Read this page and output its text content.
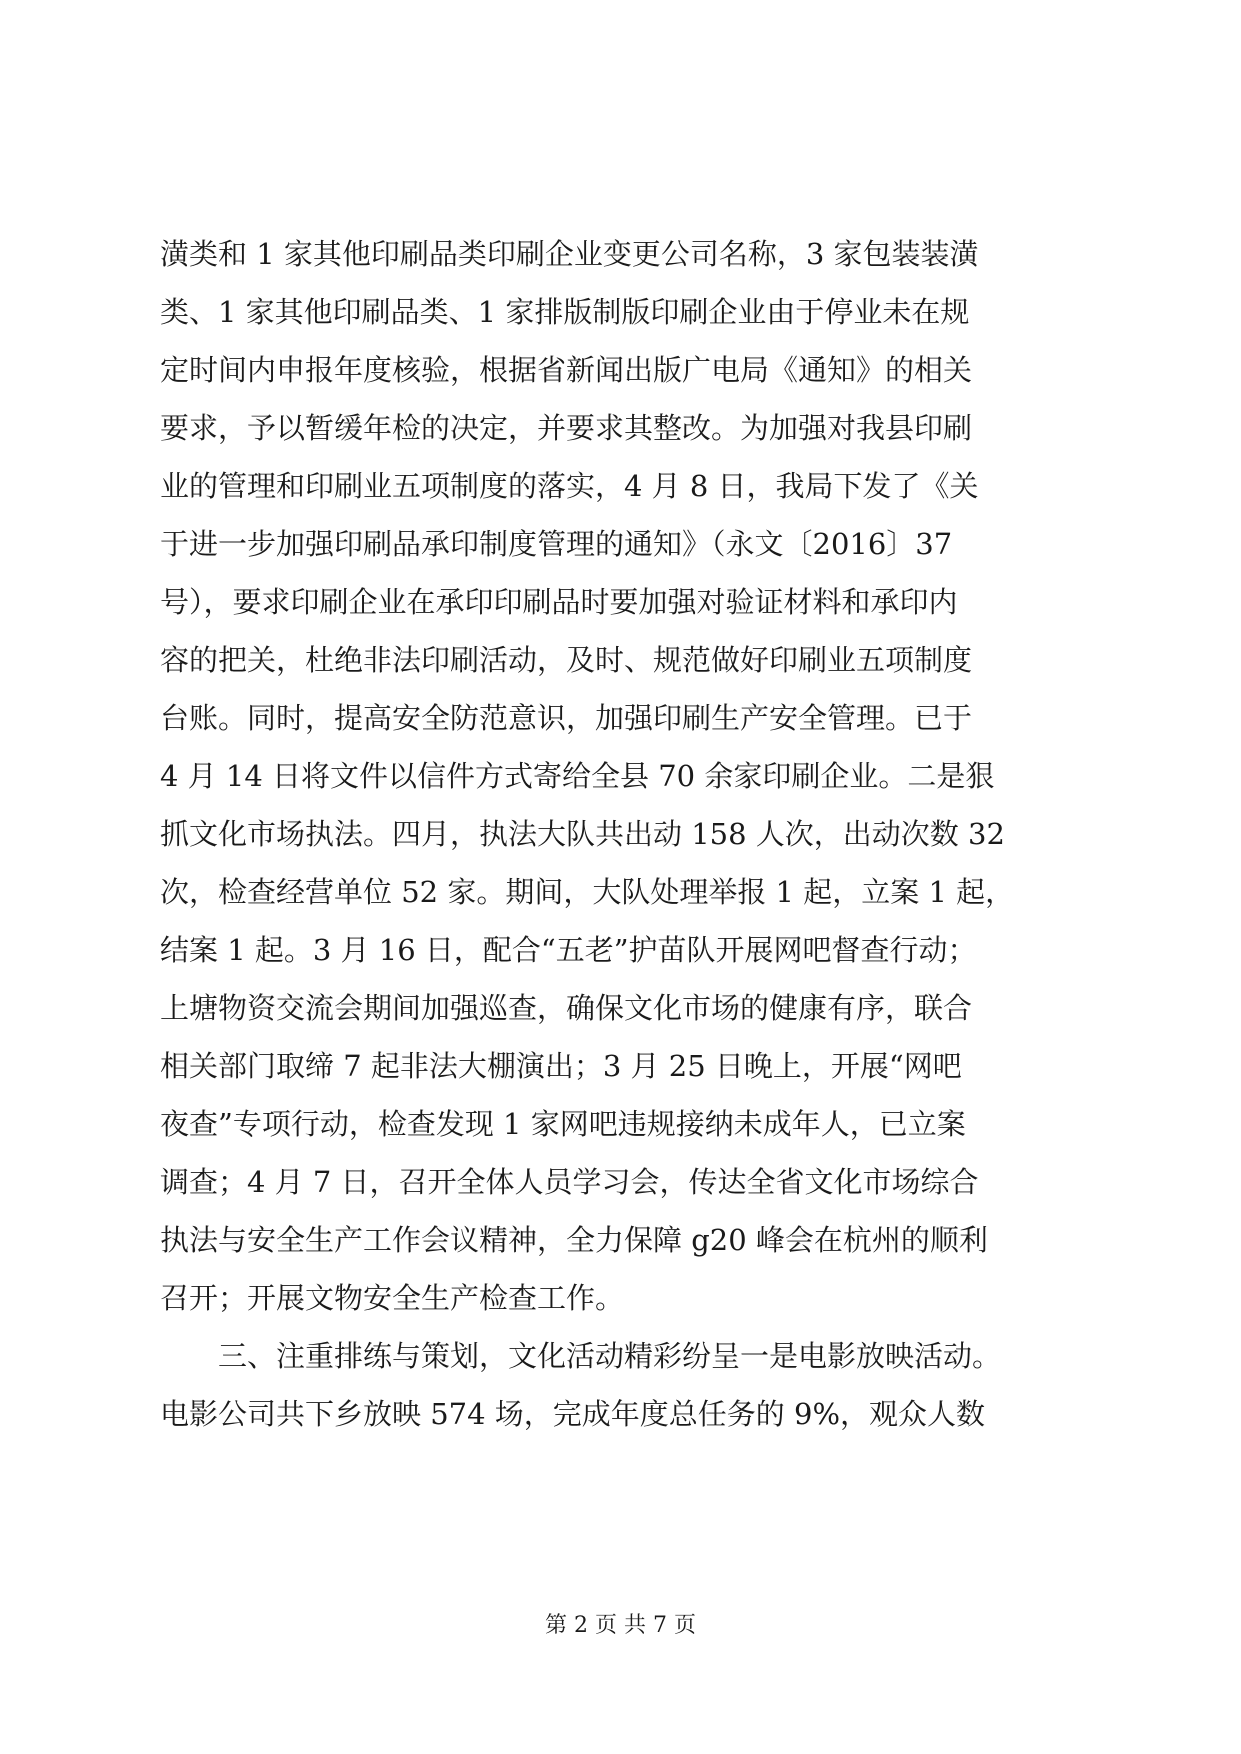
潢类和 1 家其他印刷品类印刷企业变更公司名称，3 家包装装潢
类、1 家其他印刷品类、1 家排版制版印刷企业由于停业未在规
定时间内申报年度核验，根据省新闻出版广电局《通知》的相关
要求，予以暂缓年检的决定，并要求其整改。为加强对我县印刷
业的管理和印刷业五项制度的落实，4 月 8 日，我局下发了《关
于进一步加强印刷品承印制度管理的通知》（永文〔2016〕37
号），要求印刷企业在承印印刷品时要加强对验证材料和承印内
容的把关，杜绝非法印刷活动，及时、规范做好印刷业五项制度
台账。同时，提高安全防范意识，加强印刷生产安全管理。已于
4 月 14 日将文件以信件方式寄给全县 70 余家印刷企业。二是狠
抓文化市场执法。四月，执法大队共出动 158 人次，出动次数 32
次，检查经营单位 52 家。期间，大队处理举报 1 起，立案 1 起，
结案 1 起。3 月 16 日，配合“五老”护苗队开展网吧督查行动；
上塘物资交流会期间加强巡查，确保文化市场的健康有序，联合
相关部门取缔 7 起非法大棚演出；3 月 25 日晚上，开展“网吧
夜查”专项行动，检查发现 1 家网吧违规接纳未成年人，已立案
调查；4 月 7 日，召开全体人员学习会，传达全省文化市场综合
执法与安全生产工作会议精神，全力保障 g20 峰会在杭州的顺利
召开；开展文物安全生产检查工作。
　　三、注重排练与策划，文化活动精彩纷呈一是电影放映活动。
电影公司共下乡放映 574 场，完成年度总任务的 9%，观众人数
第 2 页 共 7 页
